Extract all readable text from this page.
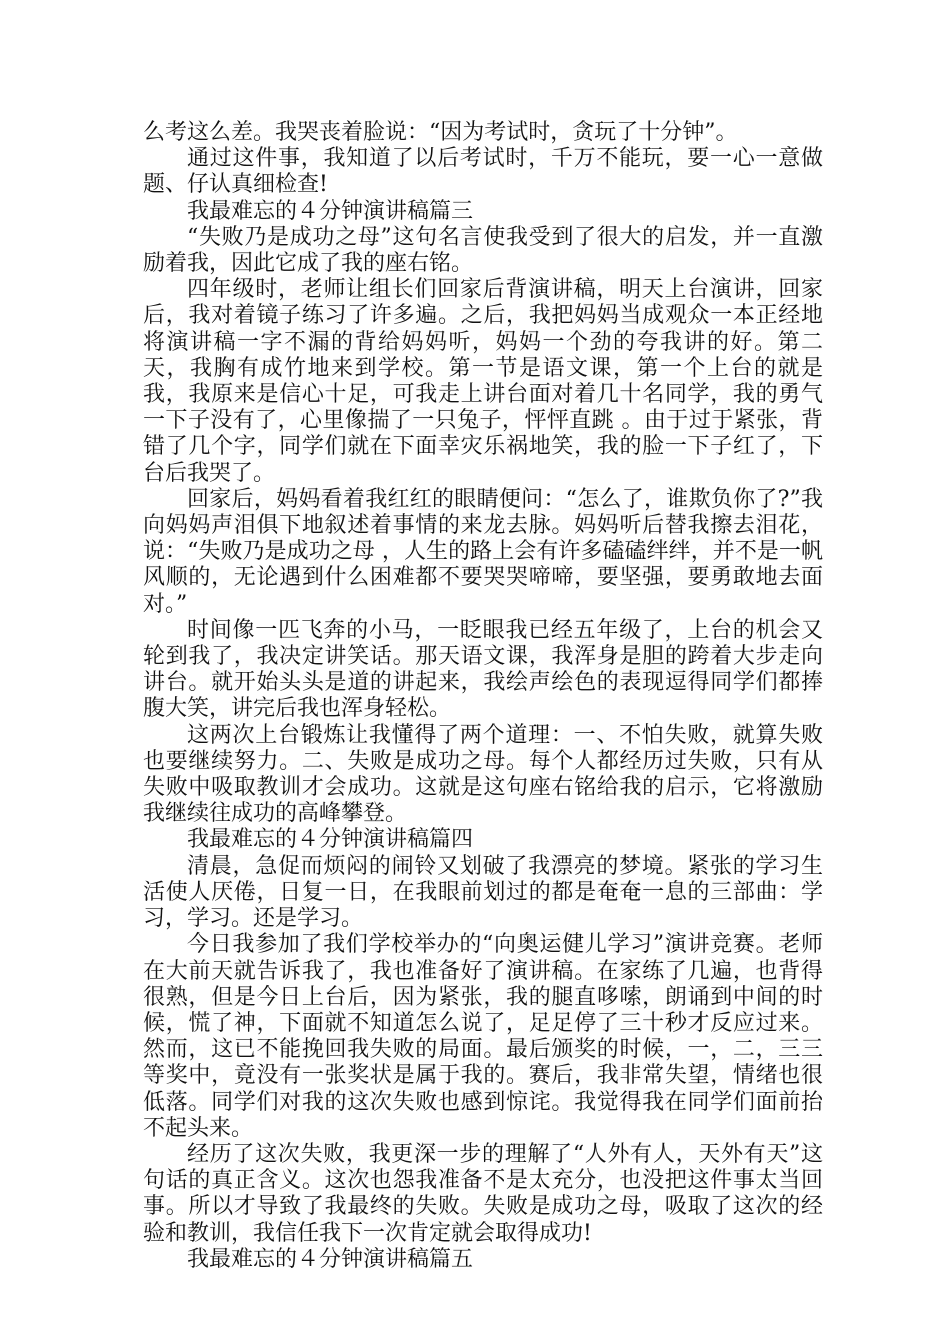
么考这么差。我哭丧着脸说：“因为考试时，贪玩了十分钟”。

通过这件事，我知道了以后考试时，千万不能玩，要一心一意做题、仔认真细检查!

我最难忘的４分钟演讲稿篇三

“失败乃是成功之母”这句名言使我受到了很大的启发，并一直激励着我，因此它成了我的座右铭。

四年级时，老师让组长们回家后背演讲稿，明天上台演讲，回家后，我对着镜子练习了许多遍。之后，我把妈妈当成观众一本正经地将演讲稿一字不漏的背给妈妈听，妈妈一个劲的夸我讲的好。第二天，我胸有成竹地来到学校。第一节是语文课，第一个上台的就是我，我原来是信心十足，可我走上讲台面对着几十名同学，我的勇气一下子没有了，心里像揣了一只兔子，怦怦直跳 。由于过于紧张，背错了几个字，同学们就在下面幸灾乐祸地笑，我的脸一下子红了，下台后我哭了。

回家后，妈妈看着我红红的眼睛便问：“怎么了，谁欺负你了?”我向妈妈声泪俱下地叙述着事情的来龙去脉。妈妈听后替我擦去泪花，说：“失败乃是成功之母 ，人生的路上会有许多磕磕绊绊，并不是一帆风顺的，无论遇到什么困难都不要哭哭啼啼，要坚强，要勇敢地去面对。”

时间像一匹飞奔的小马，一眨眼我已经五年级了，上台的机会又轮到我了，我决定讲笑话。那天语文课，我浑身是胆的跨着大步走向讲台。就开始头头是道的讲起来，我绘声绘色的表现逗得同学们都捧腹大笑，讲完后我也浑身轻松。

这两次上台锻炼让我懂得了两个道理：一、不怕失败，就算失败也要继续努力。二、失败是成功之母。每个人都经历过失败，只有从失败中吸取教训才会成功。这就是这句座右铭给我的启示，它将激励我继续往成功的高峰攀登。

我最难忘的４分钟演讲稿篇四

清晨，急促而烦闷的闹铃又划破了我漂亮的梦境。紧张的学习生活使人厌倦，日复一日，在我眼前划过的都是奄奄一息的三部曲：学习，学习。还是学习。

今日我参加了我们学校举办的“向奥运健儿学习”演讲竞赛。老师在大前天就告诉我了，我也准备好了演讲稿。在家练了几遍，也背得很熟，但是今日上台后，因为紧张，我的腿直哆嗦，朗诵到中间的时候，慌了神，下面就不知道怎么说了，足足停了三十秒才反应过来。然而，这已不能挽回我失败的局面。最后颁奖的时候，一，二，三三等奖中，竟没有一张奖状是属于我的。赛后，我非常失望，情绪也很低落。同学们对我的这次失败也感到惊诧。我觉得我在同学们面前抬不起头来。

经历了这次失败，我更深一步的理解了“人外有人，天外有天”这句话的真正含义。这次也怨我准备不是太充分，也没把这件事太当回事。所以才导致了我最终的失败。失败是成功之母，吸取了这次的经验和教训，我信任我下一次肯定就会取得成功!

我最难忘的４分钟演讲稿篇五
